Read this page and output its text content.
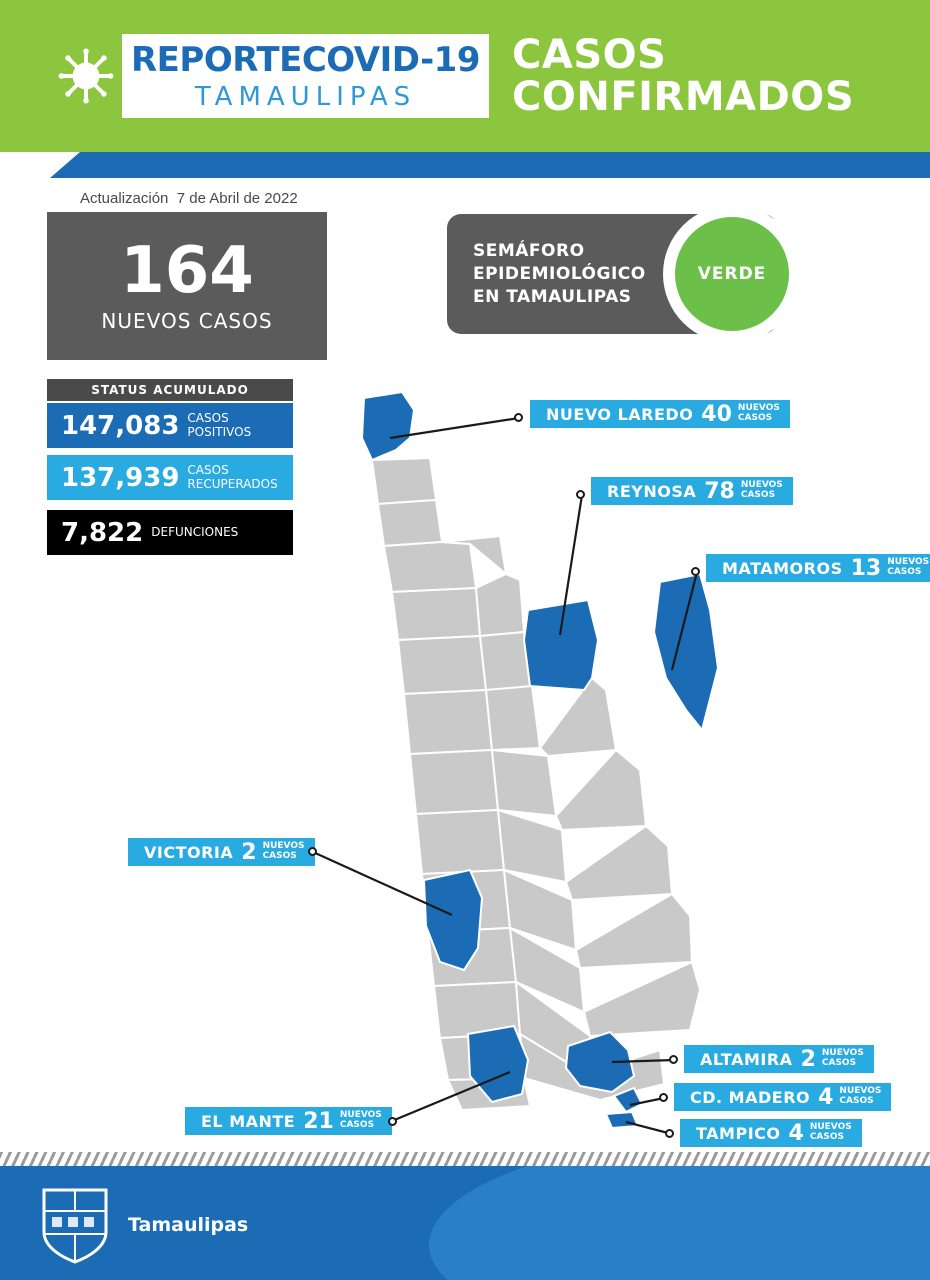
REPORTECOVID-19
TAMAULIPAS
CASOS
CONFIRMADOS
Actualización 7 de Abril de 2022
164
NUEVOS CASOS
STATUS ACUMULADO
147,083 CASOS
POSITIVOS
137,939 CASOS
RECUPERADOS
7,822 DEFUNCIONES
SEMÁFORO
EPIDEMIOLÓGICO
EN TAMAULIPAS
VERDE
NUEVO LAREDO 40 NUEVOS
CASOS
REYNOSA 78 NUEVOS
CASOS
MATAMOROS 13 NUEVOS
CASOS
VICTORIA 2 NUEVOS
CASOS
ALTAMIRA 2 NUEVOS
CASOS
CD. MADERO 4 NUEVOS
CASOS
TAMPICO 4 NUEVOS
CASOS
EL MANTE 21 NUEVOS
CASOS
Tamaulipas
